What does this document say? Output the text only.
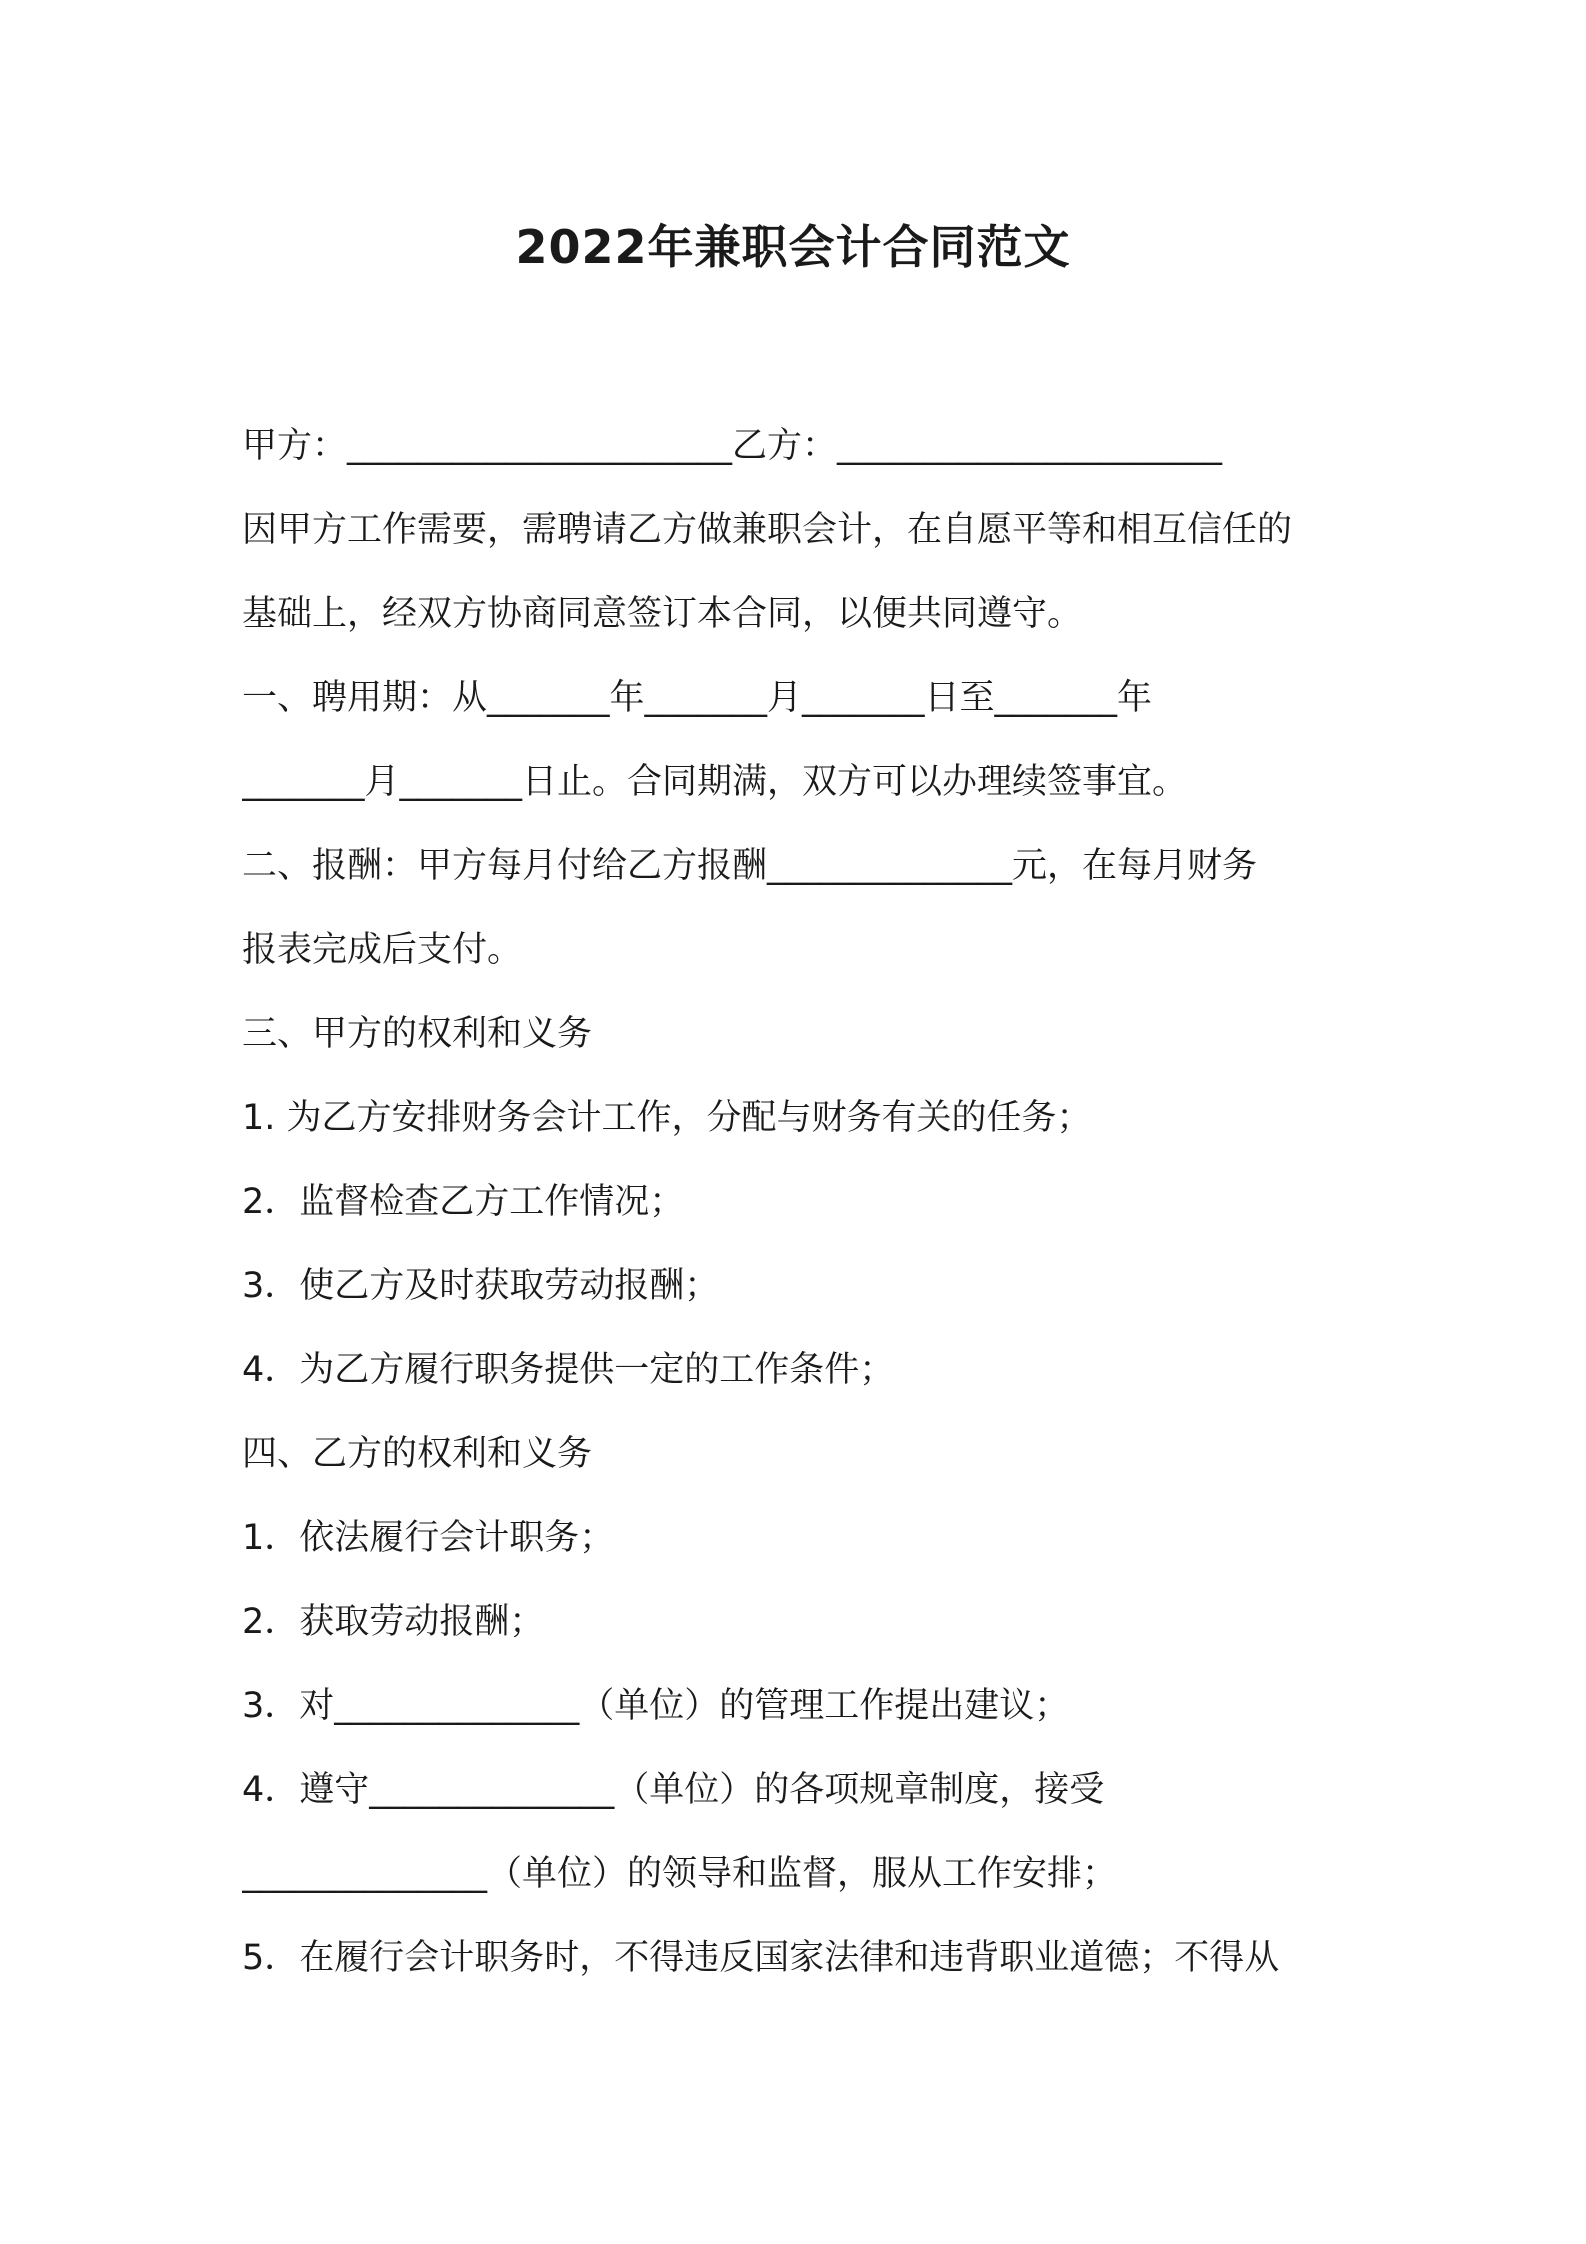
2022年兼职会计合同范文
甲方：______________________乙方：______________________
因甲方工作需要，需聘请乙方做兼职会计，在自愿平等和相互信任的
基础上，经双方协商同意签订本合同，以便共同遵守。
一、聘用期：从_______年_______月_______日至_______年
_______月_______日止。合同期满，双方可以办理续签事宜。
二、报酬：甲方每月付给乙方报酬______________元，在每月财务
报表完成后支付。
三、甲方的权利和义务
1. 为乙方安排财务会计工作，分配与财务有关的任务；
2．监督检查乙方工作情况；
3．使乙方及时获取劳动报酬；
4．为乙方履行职务提供一定的工作条件；
四、乙方的权利和义务
1．依法履行会计职务；
2．获取劳动报酬；
3．对______________（单位）的管理工作提出建议；
4．遵守______________（单位）的各项规章制度，接受
______________（单位）的领导和监督，服从工作安排；
5．在履行会计职务时，不得违反国家法律和违背职业道德；不得从
